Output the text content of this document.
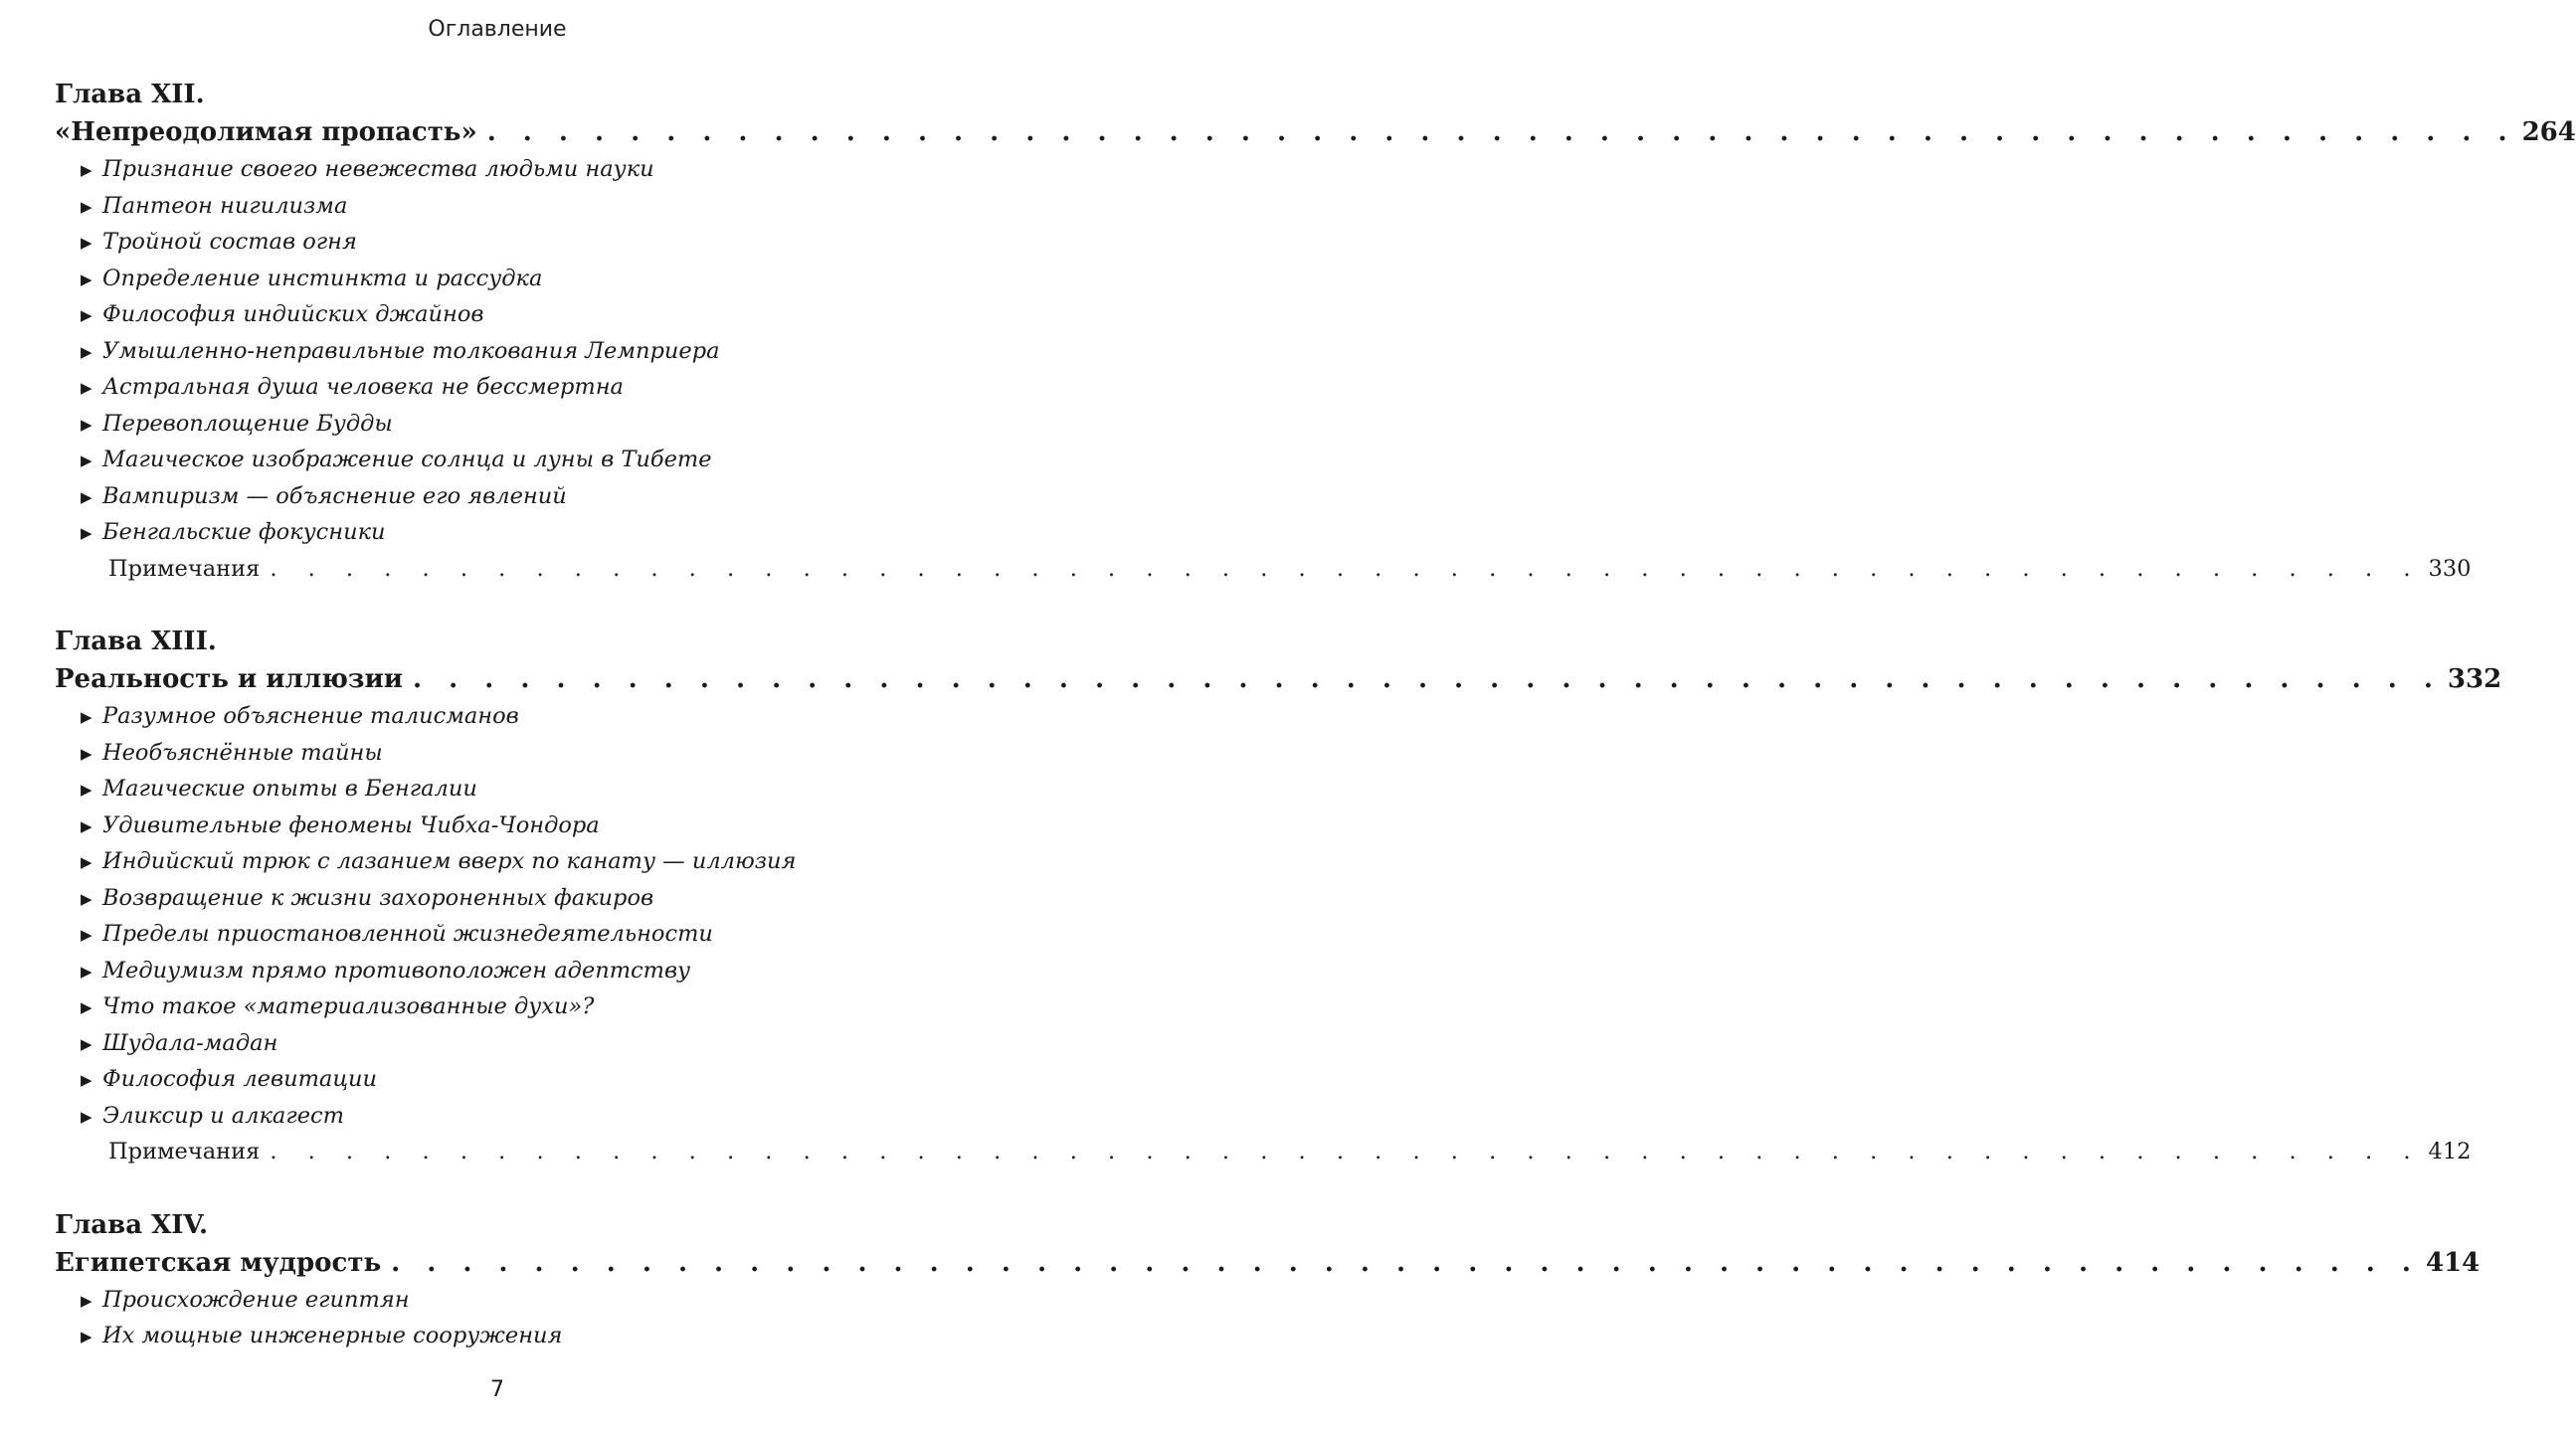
Оглавление
Глава XII.
«Непреодолимая пропасть» . . . . . . . . . . . . . . . . . . . . . . . . . . . . . . . . . . . . . . . . . . . . . . . . . . . . . . . . . 264
▶ Признание своего невежества людьми науки
▶ Пантеон нигилизма
▶ Тройной состав огня
▶ Определение инстинкта и рассудка
▶ Философия индийских джайнов
▶ Умышленно-неправильные толкования Лемприера
▶ Астральная душа человека не бессмертна
▶ Перевоплощение Будды
▶ Магическое изображение солнца и луны в Тибете
▶ Вампиризм — объяснение его явлений
▶ Бенгальские фокусники
Примечания . . . . . . . . . . . . . . . . . . . . . . . . . . . . . . . . . . . . . . . . . . . . . . . . . . . . . . . . . 330
Глава XIII.
Реальность и иллюзии . . . . . . . . . . . . . . . . . . . . . . . . . . . . . . . . . . . . . . . . . . . . . . . . . . . . . . . . . 332
▶ Разумное объяснение талисманов
▶ Необъяснённые тайны
▶ Магические опыты в Бенгалии
▶ Удивительные феномены Чибха-Чондора
▶ Индийский трюк с лазанием вверх по канату — иллюзия
▶ Возвращение к жизни захороненных факиров
▶ Пределы приостановленной жизнедеятельности
▶ Медиумизм прямо противоположен адептству
▶ Что такое «материализованные духи»?
▶ Шудала-мадан
▶ Философия левитации
▶ Эликсир и алкагест
Примечания . . . . . . . . . . . . . . . . . . . . . . . . . . . . . . . . . . . . . . . . . . . . . . . . . . . . . . . . . 412
Глава XIV.
Египетская мудрость . . . . . . . . . . . . . . . . . . . . . . . . . . . . . . . . . . . . . . . . . . . . . . . . . . . . . . . . . 414
▶ Происхождение египтян
▶ Их мощные инженерные сооружения
7
